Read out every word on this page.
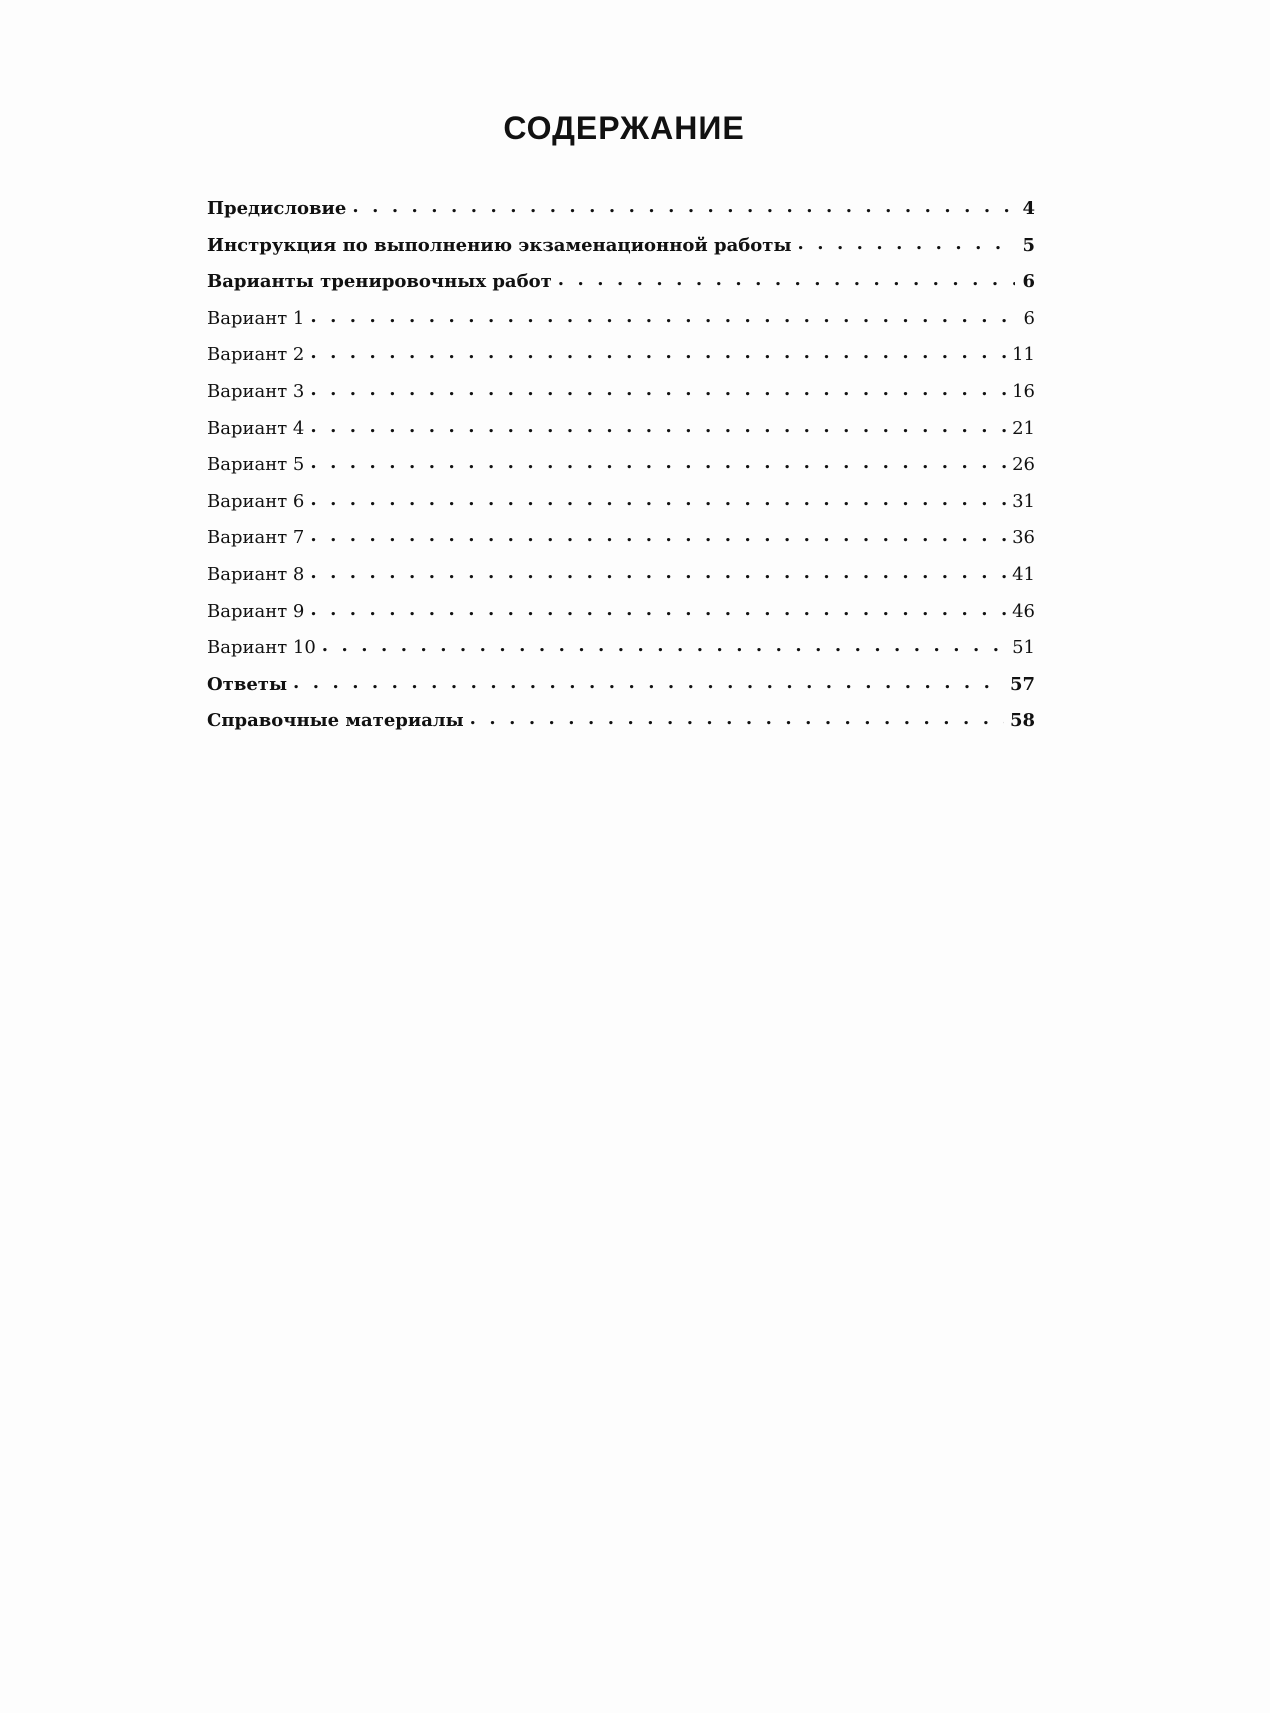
СОДЕРЖАНИЕ
Предисловие . . .	4
Инструкция по выполнению экзаменационной работы . . .	5
Варианты тренировочных работ . . .	6
Вариант 1 . . .	6
Вариант 2 . . .	11
Вариант 3 . . .	16
Вариант 4 . . .	21
Вариант 5 . . .	26
Вариант 6 . . .	31
Вариант 7 . . .	36
Вариант 8 . . .	41
Вариант 9 . . .	46
Вариант 10 . . .	51
Ответы . . .	57
Справочные материалы . . .	58
